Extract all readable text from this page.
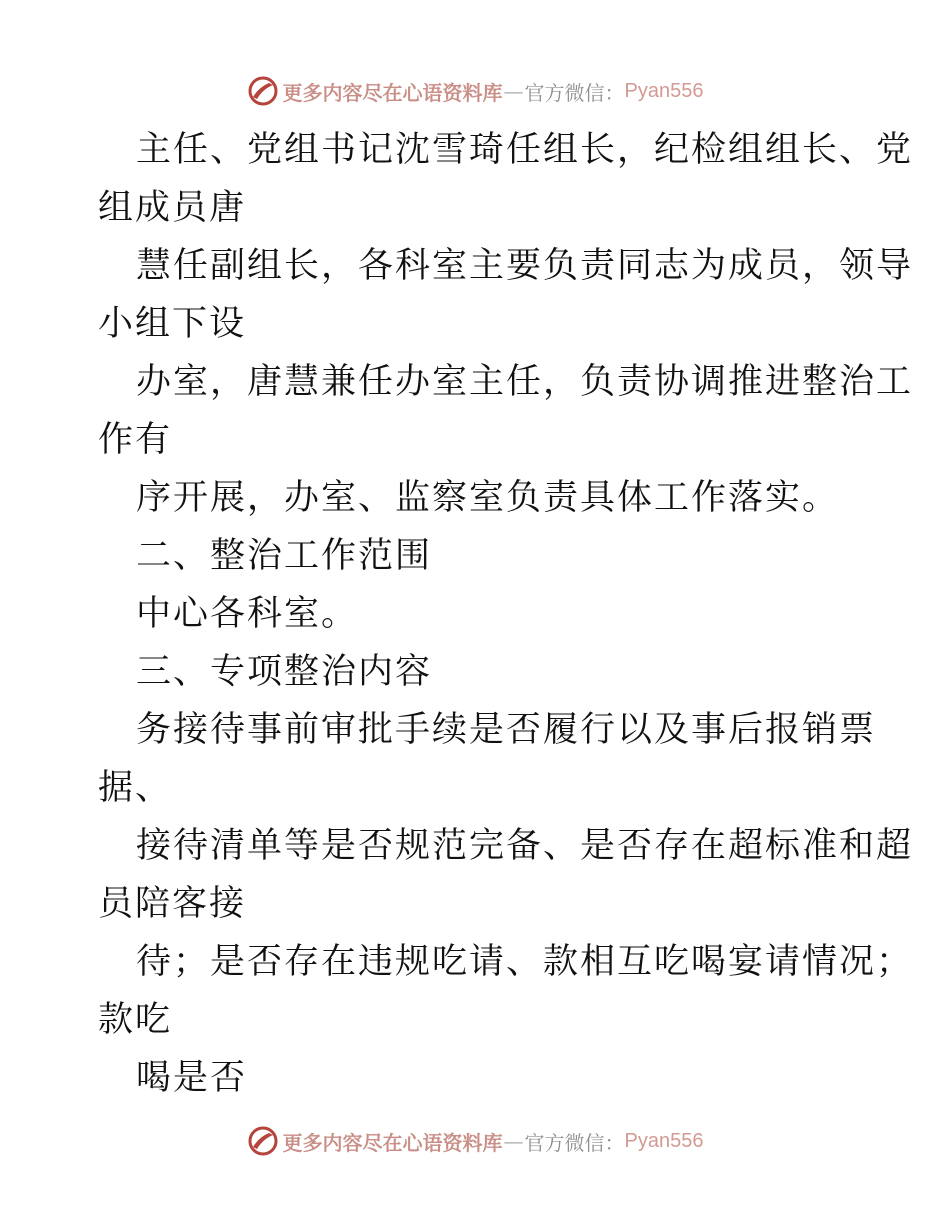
更多内容尽在心语资料库 — 官方微信： Pyan556
主任、党组书记沈雪琦任组长，纪检组组长、党
组成员唐
慧任副组长，各科室主要负责同志为成员，领导
小组下设
办室，唐慧兼任办室主任，负责协调推进整治工
作有
序开展，办室、监察室负责具体工作落实。
二、整治工作范围
中心各科室。
三、专项整治内容
务接待事前审批手续是否履行以及事后报销票
据、
接待清单等是否规范完备、是否存在超标准和超
员陪客接
待；是否存在违规吃请、款相互吃喝宴请情况；
款吃
喝是否
更多内容尽在心语资料库 — 官方微信： Pyan556
